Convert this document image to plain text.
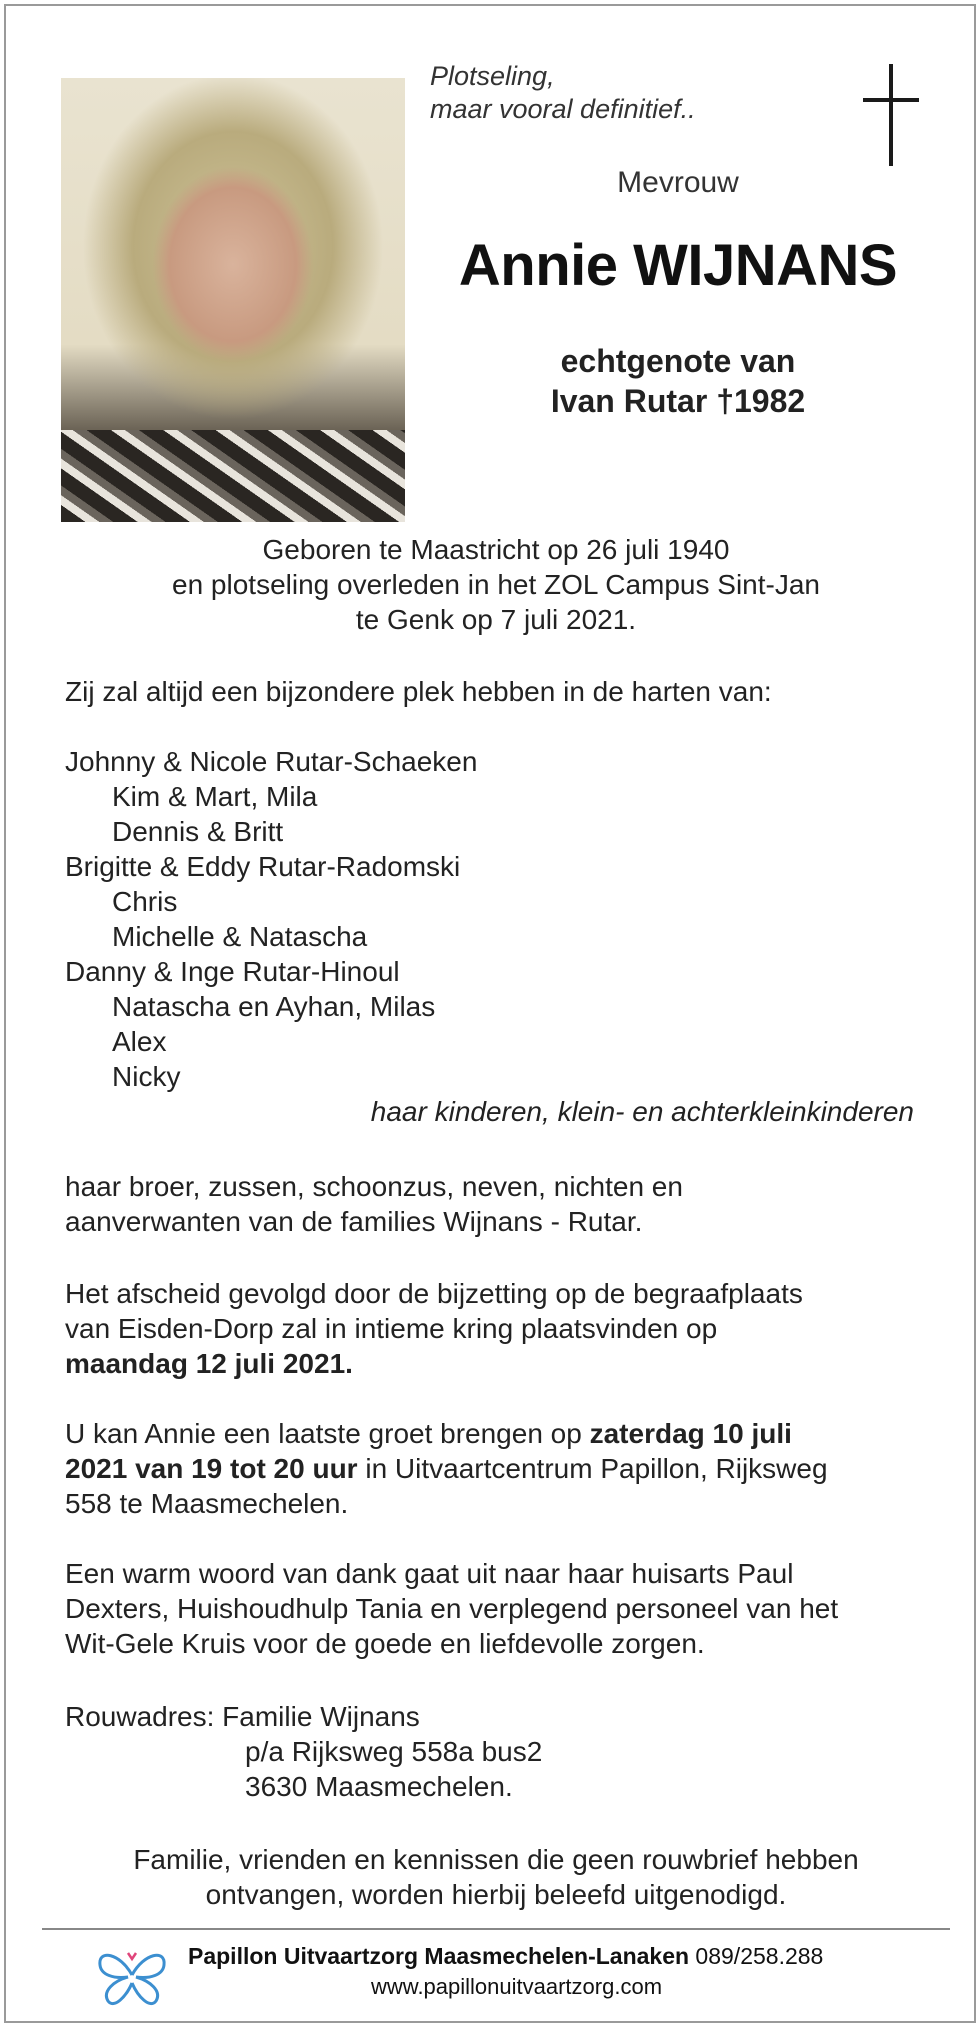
Plotseling,
maar vooral definitief..
Mevrouw
Annie WIJNANS
echtgenote van
Ivan Rutar †1982
Geboren te Maastricht op 26 juli 1940
en plotseling overleden in het ZOL Campus Sint-Jan
te Genk op 7 juli 2021.
Zij zal altijd een bijzondere plek hebben in de harten van:
Johnny & Nicole Rutar-Schaeken
Kim & Mart, Mila
Dennis & Britt
Brigitte & Eddy Rutar-Radomski
Chris
Michelle & Natascha
Danny & Inge Rutar-Hinoul
Natascha en Ayhan, Milas
Alex
Nicky
haar kinderen, klein- en achterkleinkinderen
haar broer, zussen, schoonzus, neven, nichten en
aanverwanten van de families Wijnans - Rutar.
Het afscheid gevolgd door de bijzetting op de begraafplaats
van Eisden-Dorp zal in intieme kring plaatsvinden op
maandag 12 juli 2021.
U kan Annie een laatste groet brengen op zaterdag 10 juli
2021 van 19 tot 20 uur in Uitvaartcentrum Papillon, Rijksweg
558 te Maasmechelen.
Een warm woord van dank gaat uit naar haar huisarts Paul
Dexters, Huishoudhulp Tania en verplegend personeel van het
Wit-Gele Kruis voor de goede en liefdevolle zorgen.
Rouwadres: Familie Wijnans
p/a Rijksweg 558a bus2
3630 Maasmechelen.
Familie, vrienden en kennissen die geen rouwbrief hebben
ontvangen, worden hierbij beleefd uitgenodigd.
Papillon Uitvaartzorg Maasmechelen-Lanaken 089/258.288
www.papillonuitvaartzorg.com
